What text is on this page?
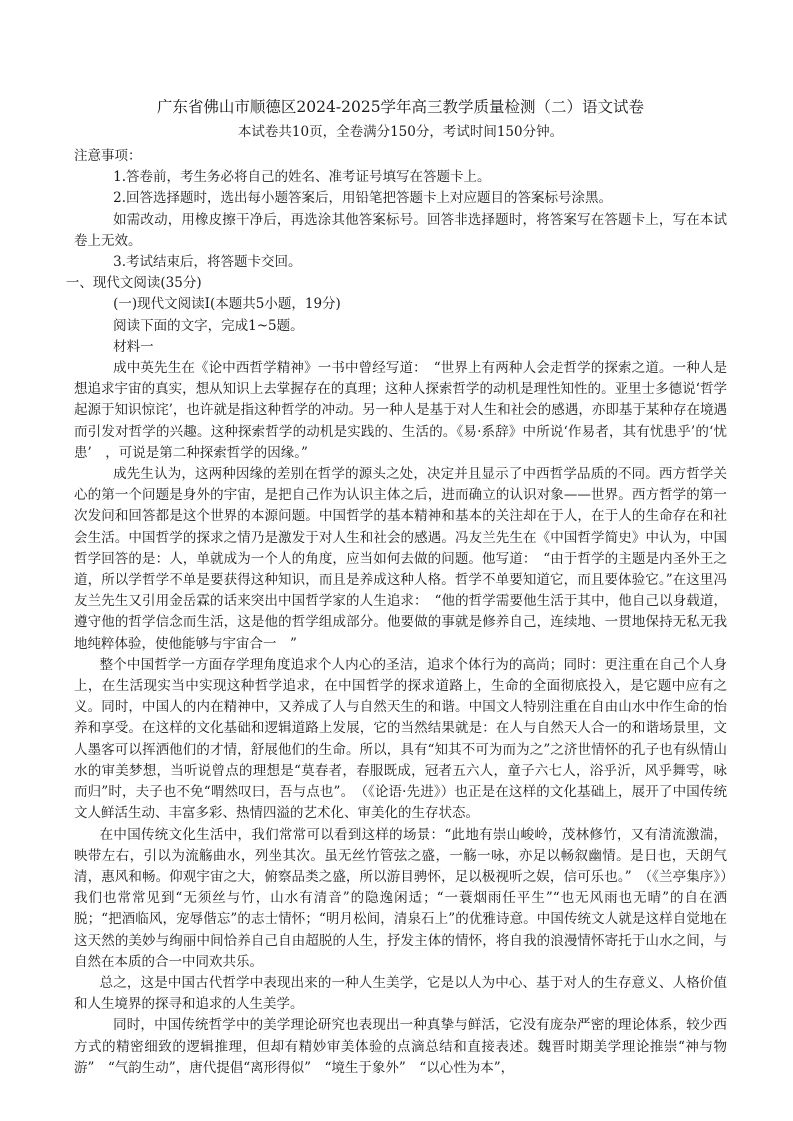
广东省佛山市顺德区2024-2025学年高三教学质量检测（二）语文试卷

本试卷共10页，全卷满分150分，考试时间150分钟。

注意事项：

1.答卷前，考生务必将自己的姓名、准考证号填写在答题卡上。

2.回答选择题时，选出每小题答案后，用铅笔把答题卡上对应题目的答案标号涂黑。

如需改动，用橡皮擦干净后，再选涂其他答案标号。回答非选择题时，将答案写在答题卡上，写在本试卷上无效。

3.考试结束后，将答题卡交回。

一、现代文阅读(35分)

(一)现代文阅读Ⅰ(本题共5小题，19分)

阅读下面的文字，完成1~5题。

材料一

成中英先生在《论中西哲学精神》一书中曾经写道：　“世界上有两种人会走哲学的探索之道。一种人是想追求宇宙的真实，想从知识上去掌握存在的真理；这种人探索哲学的动机是理性知性的。亚里士多德说‘哲学起源于知识惊诧’，也许就是指这种哲学的冲动。另一种人是基于对人生和社会的感遇，亦即基于某种存在境遇而引发对哲学的兴趣。这种探索哲学的动机是实践的、生活的。《易·系辞》中所说‘作易者，其有忧患乎’的‘忧患’　，可说是第二种探索哲学的因缘。”

成先生认为，这两种因缘的差别在哲学的源头之处，决定并且显示了中西哲学品质的不同。西方哲学关心的第一个问题是身外的宇宙，是把自己作为认识主体之后，进而确立的认识对象——世界。西方哲学的第一次发问和回答都是这个世界的本源问题。中国哲学的基本精神和基本的关注却在于人，在于人的生命存在和社会生活。中国哲学的探求之情乃是激发于对人生和社会的感遇。冯友兰先生在《中国哲学简史》中认为，中国哲学回答的是：人，单就成为一个人的角度，应当如何去做的问题。他写道：　“由于哲学的主题是内圣外王之道，所以学哲学不单是要获得这种知识，而且是养成这种人格。哲学不单要知道它，而且要体验它。”在这里冯友兰先生又引用金岳霖的话来突出中国哲学家的人生追求：　“他的哲学需要他生活于其中，他自己以身载道，遵守他的哲学信念而生活，这是他的哲学组成部分。他要做的事就是修养自己，连续地、一贯地保持无私无我地纯粹体验，使他能够与宇宙合一　”

整个中国哲学一方面存学理角度追求个人内心的圣洁，追求个体行为的高尚；同时：更注重在自己个人身上，在生活现实当中实现这种哲学追求，在中国哲学的探求道路上，生命的全面彻底投入，是它题中应有之义。同时，中国人的内在精神中，又养成了人与自然天生的和谐。中国文人特别注重在自由山水中作生命的怡养和享受。在这样的文化基础和逻辑道路上发展，它的当然结果就是：在人与自然天人合一的和谐场景里，文人墨客可以挥洒他们的才情，舒展他们的生命。所以，具有“知其不可为而为之”之济世情怀的孔子也有纵情山水的审美梦想，当听说曾点的理想是“莫春者，春服既成，冠者五六人，童子六七人，浴乎沂，风乎舞雩，咏而归”时，夫子也不免“喟然叹曰，吾与点也”。　（《论语·先进》）也正是在这样的文化基础上，展开了中国传统文人鲜活生动、丰富多彩、热情四溢的艺术化、审美化的生存状态。

在中国传统文化生活中，我们常常可以看到这样的场景：“此地有崇山峻岭，茂林修竹，又有清流激湍，映带左右，引以为流觞曲水，列坐其次。虽无丝竹管弦之盛，一觞一咏，亦足以畅叙幽情。是日也，天朗气清，惠风和畅。仰观宇宙之大，俯察品类之盛，所以游目骋怀，足以极视听之娱，信可乐也。”　（《兰亭集序》）我们也常常见到“无须丝与竹，山水有清音”的隐逸闲适；“一蓑烟雨任平生”“也无风雨也无晴”的自在洒脱；“把酒临风，宠辱偕忘”的志士情怀；“明月松间，清泉石上”的优雅诗意。中国传统文人就是这样自觉地在这天然的美妙与绚丽中间恰养自己自由超脱的人生，抒发主体的情怀，将自我的浪漫情怀寄托于山水之间，与自然在本质的合一中同欢共乐。

总之，这是中国古代哲学中表现出来的一种人生美学，它是以人为中心、基于对人的生存意义、人格价值和人生境界的探寻和追求的人生美学。

同时，中国传统哲学中的美学理论研究也表现出一种真挚与鲜活，它没有庞杂严密的理论体系，较少西方式的精密细致的逻辑推理，但却有精妙审美体验的点滴总结和直接表述。魏晋时期美学理论推崇“神与物游”　“气韵生动”，唐代提倡“离形得似”　“境生于象外”　“以心性为本”，
